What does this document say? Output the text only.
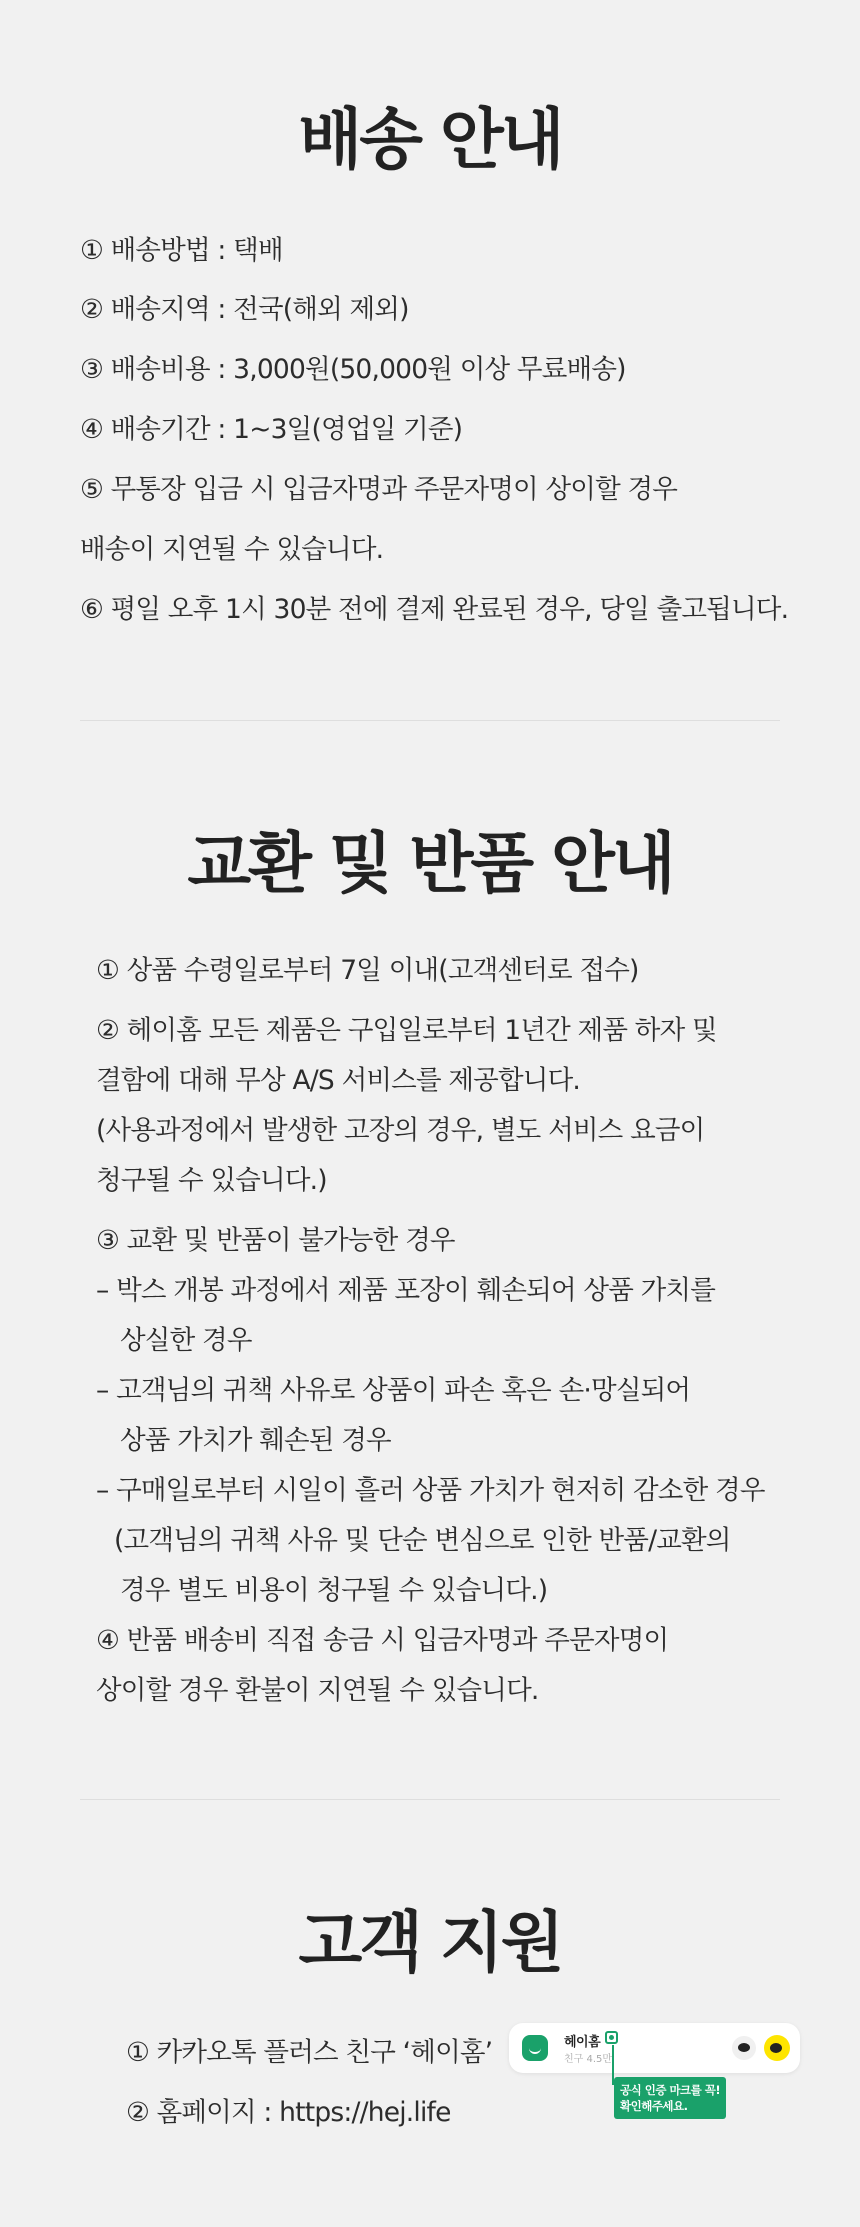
배송 안내
① 배송방법 : 택배
② 배송지역 : 전국(해외 제외)
③ 배송비용 : 3,000원(50,000원 이상 무료배송)
④ 배송기간 : 1~3일(영업일 기준)
⑤ 무통장 입금 시 입금자명과 주문자명이 상이할 경우
배송이 지연될 수 있습니다.
⑥ 평일 오후 1시 30분 전에 결제 완료된 경우, 당일 출고됩니다.
교환 및 반품 안내
① 상품 수령일로부터 7일 이내(고객센터로 접수)
② 헤이홈 모든 제품은 구입일로부터 1년간 제품 하자 및
결함에 대해 무상 A/S 서비스를 제공합니다.
(사용과정에서 발생한 고장의 경우, 별도 서비스 요금이
청구될 수 있습니다.)
③ 교환 및 반품이 불가능한 경우
– 박스 개봉 과정에서 제품 포장이 훼손되어 상품 가치를
상실한 경우
– 고객님의 귀책 사유로 상품이 파손 혹은 손·망실되어
상품 가치가 훼손된 경우
– 구매일로부터 시일이 흘러 상품 가치가 현저히 감소한 경우
(고객님의 귀책 사유 및 단순 변심으로 인한 반품/교환의
경우 별도 비용이 청구될 수 있습니다.)
④ 반품 배송비 직접 송금 시 입금자명과 주문자명이
상이할 경우 환불이 지연될 수 있습니다.
고객 지원
① 카카오톡 플러스 친구 ‘헤이홈’
② 홈페이지 : https://hej.life
헤이홈
친구 4.5만
공식 인증 마크를 꼭!
확인해주세요.
